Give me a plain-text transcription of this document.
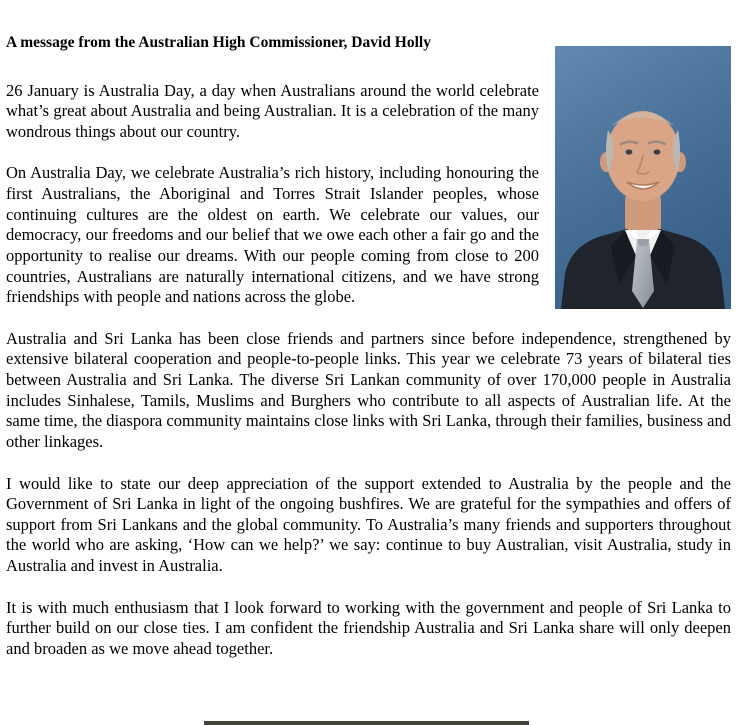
A message from the Australian High Commissioner, David Holly

26 January is Australia Day, a day when Australians around the world celebrate what’s great about Australia and being Australian. It is a celebration of the many wondrous things about our country.

On Australia Day, we celebrate Australia’s rich history, including honouring the first Australians, the Aboriginal and Torres Strait Islander peoples, whose continuing cultures are the oldest on earth. We celebrate our values, our democracy, our freedoms and our belief that we owe each other a fair go and the opportunity to realise our dreams. With our people coming from close to 200 countries, Australians are naturally international citizens, and we have strong friendships with people and nations across the globe.

Australia and Sri Lanka has been close friends and partners since before independence, strengthened by extensive bilateral cooperation and people-to-people links. This year we celebrate 73 years of bilateral ties between Australia and Sri Lanka. The diverse Sri Lankan community of over 170,000 people in Australia includes Sinhalese, Tamils, Muslims and Burghers who contribute to all aspects of Australian life. At the same time, the diaspora community maintains close links with Sri Lanka, through their families, business and other linkages.

I would like to state our deep appreciation of the support extended to Australia by the people and the Government of Sri Lanka in light of the ongoing bushfires. We are grateful for the sympathies and offers of support from Sri Lankans and the global community. To Australia’s many friends and supporters throughout the world who are asking, ‘How can we help?’ we say: continue to buy Australian, visit Australia, study in Australia and invest in Australia.

It is with much enthusiasm that I look forward to working with the government and people of Sri Lanka to further build on our close ties. I am confident the friendship Australia and Sri Lanka share will only deepen and broaden as we move ahead together.
